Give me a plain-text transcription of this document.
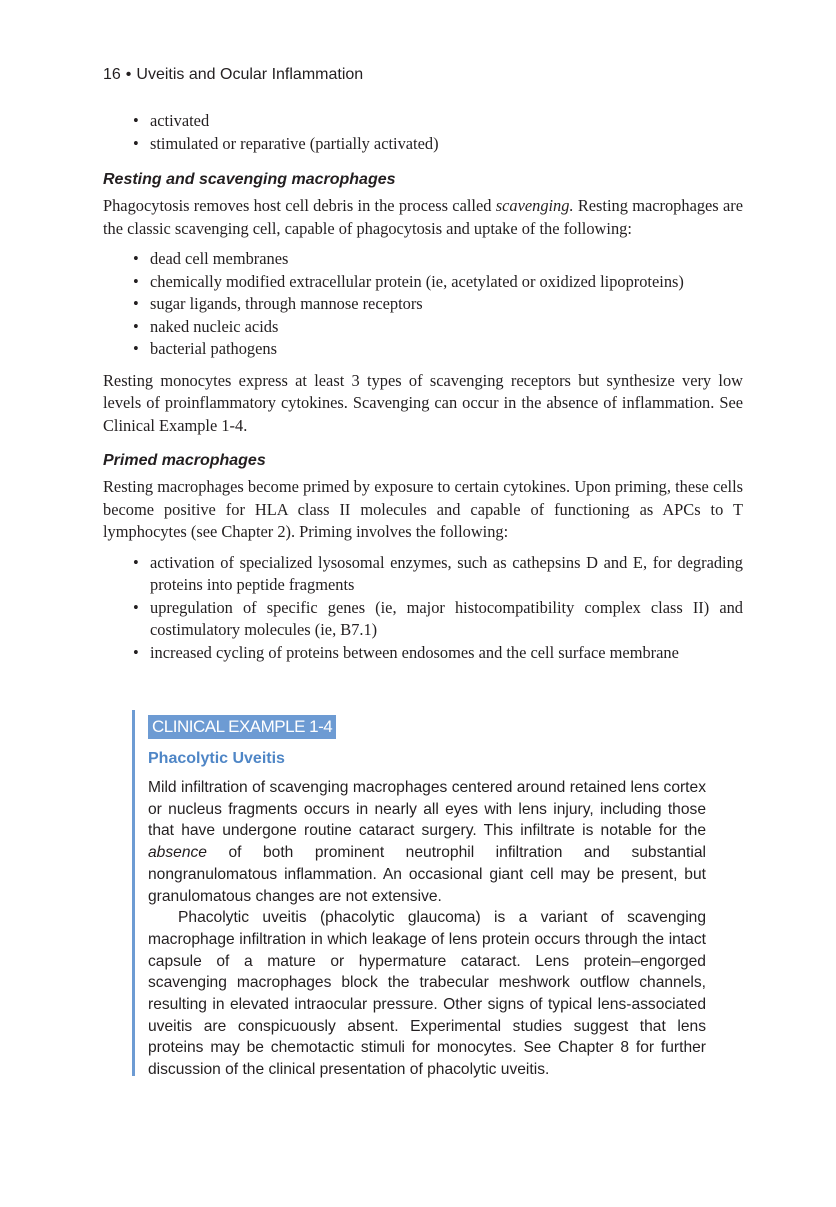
16 • Uveitis and Ocular Inflammation
• activated
• stimulated or reparative (partially activated)
Resting and scavenging macrophages

Phagocytosis removes host cell debris in the process called scavenging. Resting macrophages are the classic scavenging cell, capable of phagocytosis and uptake of the following:

• dead cell membranes
• chemically modified extracellular protein (ie, acetylated or oxidized lipoproteins)
• sugar ligands, through mannose receptors
• naked nucleic acids
• bacterial pathogens

Resting monocytes express at least 3 types of scavenging receptors but synthesize very low levels of proinflammatory cytokines. Scavenging can occur in the absence of inflammation. See Clinical Example 1-4.

Primed macrophages

Resting macrophages become primed by exposure to certain cytokines. Upon priming, these cells become positive for HLA class II molecules and capable of functioning as APCs to T lymphocytes (see Chapter 2). Priming involves the following:

• activation of specialized lysosomal enzymes, such as cathepsins D and E, for degrading proteins into peptide fragments
• upregulation of specific genes (ie, major histocompatibility complex class II) and costimulatory molecules (ie, B7.1)
• increased cycling of proteins between endosomes and the cell surface membrane
CLINICAL EXAMPLE 1-4
Phacolytic Uveitis

Mild infiltration of scavenging macrophages centered around retained lens cortex or nucleus fragments occurs in nearly all eyes with lens injury, including those that have undergone routine cataract surgery. This infiltrate is notable for the absence of both prominent neutrophil infiltration and substantial nongranulomatous inflammation. An occasional giant cell may be present, but granulomatous changes are not extensive.

Phacolytic uveitis (phacolytic glaucoma) is a variant of scavenging macrophage infiltration in which leakage of lens protein occurs through the intact capsule of a mature or hypermature cataract. Lens protein–engorged scavenging macrophages block the trabecular meshwork outflow channels, resulting in elevated intraocular pressure. Other signs of typical lens-associated uveitis are conspicuously absent. Experimental studies suggest that lens proteins may be chemotactic stimuli for monocytes. See Chapter 8 for further discussion of the clinical presentation of phacolytic uveitis.
